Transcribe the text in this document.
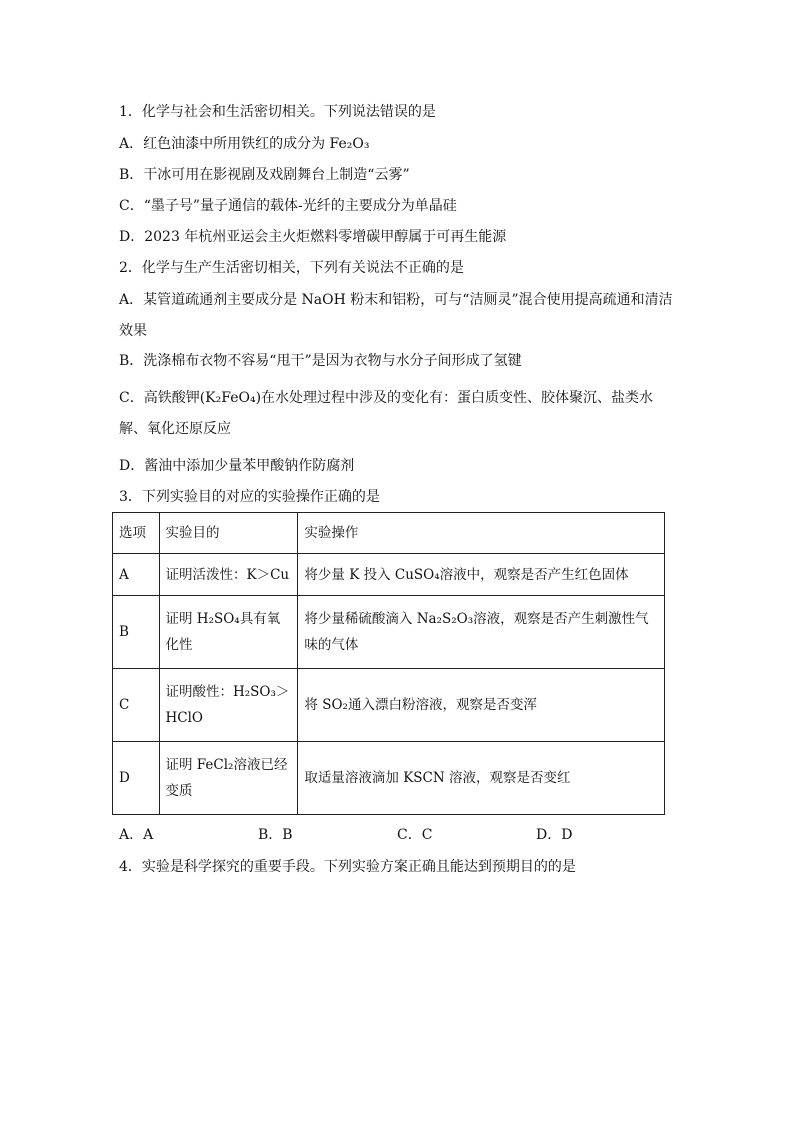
1．化学与社会和生活密切相关。下列说法错误的是
A．红色油漆中所用铁红的成分为 Fe₂O₃
B．干冰可用在影视剧及戏剧舞台上制造“云雾”
C．“墨子号”量子通信的载体-光纤的主要成分为单晶硅
D．2023 年杭州亚运会主火炬燃料零增碳甲醇属于可再生能源
2．化学与生产生活密切相关，下列有关说法不正确的是
A．某管道疏通剂主要成分是 NaOH 粉末和铝粉，可与“洁厕灵”混合使用提高疏通和清洁效果
B．洗涤棉布衣物不容易“甩干”是因为衣物与水分子间形成了氢键
C．高铁酸钾(K₂FeO₄)在水处理过程中涉及的变化有：蛋白质变性、胶体聚沉、盐类水解、氧化还原反应
D．酱油中添加少量苯甲酸钠作防腐剂
3．下列实验目的对应的实验操作正确的是
选项	实验目的	实验操作
A	证明活泼性：K＞Cu	将少量 K 投入 CuSO₄溶液中，观察是否产生红色固体
B	证明 H₂SO₄具有氧化性	将少量稀硫酸滴入 Na₂S₂O₃溶液，观察是否产生刺激性气味的气体
C	证明酸性：H₂SO₃＞HClO	将 SO₂通入漂白粉溶液，观察是否变浑
D	证明 FeCl₂溶液已经变质	取适量溶液滴加 KSCN 溶液，观察是否变红
A．A	B．B	C．C	D．D
4．实验是科学探究的重要手段。下列实验方案正确且能达到预期目的的是
